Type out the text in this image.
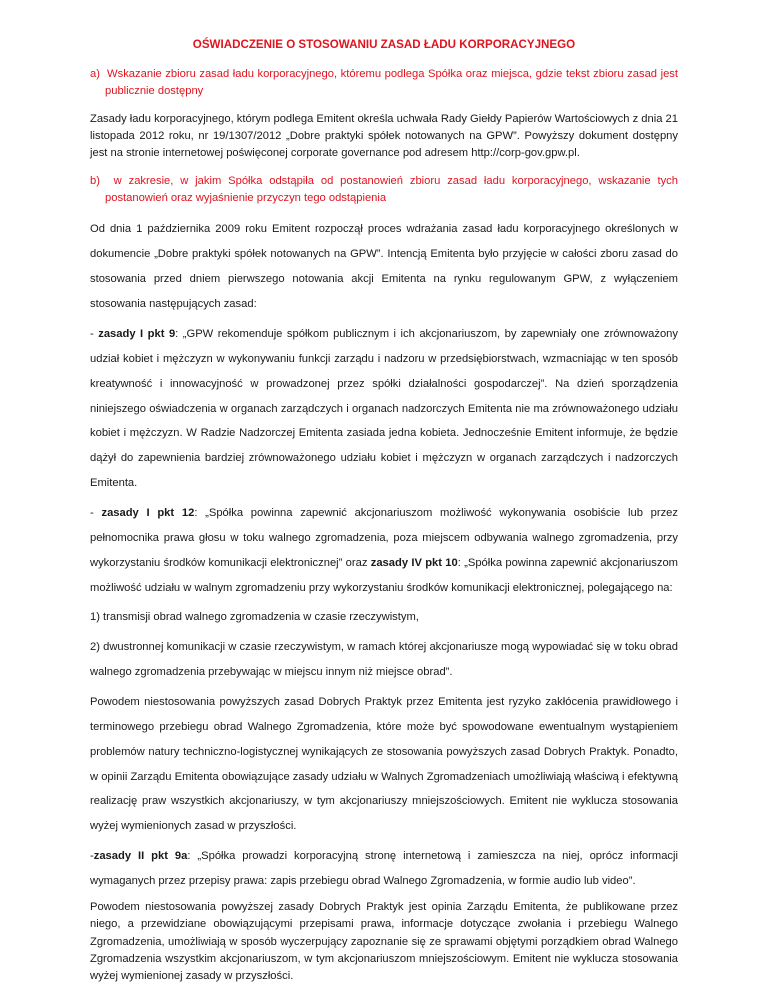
OŚWIADCZENIE O STOSOWANIU ZASAD ŁADU KORPORACYJNEGO

a)  Wskazanie zbioru zasad ładu korporacyjnego, któremu podlega Spółka oraz miejsca, gdzie tekst zbioru zasad jest publicznie dostępny

Zasady ładu korporacyjnego, którym podlega Emitent określa uchwała Rady Giełdy Papierów Wartościowych z dnia 21 listopada 2012 roku, nr 19/1307/2012 „Dobre praktyki spółek notowanych na GPW”. Powyższy dokument dostępny jest na stronie internetowej poświęconej corporate governance pod adresem http://corp-gov.gpw.pl.

b)  w zakresie, w jakim Spółka odstąpiła od postanowień zbioru zasad ładu korporacyjnego, wskazanie tych postanowień oraz wyjaśnienie przyczyn tego odstąpienia

Od dnia 1 października 2009 roku Emitent rozpoczął proces wdrażania zasad ładu korporacyjnego określonych w dokumencie „Dobre praktyki spółek notowanych na GPW”. Intencją Emitenta było przyjęcie w całości zboru zasad do stosowania przed dniem pierwszego notowania akcji Emitenta na rynku regulowanym GPW, z wyłączeniem stosowania następujących zasad:

- zasady I pkt 9: „GPW rekomenduje spółkom publicznym i ich akcjonariuszom, by zapewniały one zrównoważony udział kobiet i mężczyzn w wykonywaniu funkcji zarządu i nadzoru w przedsiębiorstwach, wzmacniając w ten sposób kreatywność i innowacyjność w prowadzonej przez spółki działalności gospodarczej”. Na dzień sporządzenia niniejszego oświadczenia w organach zarządczych i organach nadzorczych Emitenta nie ma zrównoważonego udziału kobiet i mężczyzn. W Radzie Nadzorczej Emitenta zasiada jedna kobieta. Jednocześnie Emitent informuje, że będzie dążył do zapewnienia bardziej zrównoważonego udziału kobiet i mężczyzn w organach zarządczych i nadzorczych Emitenta.

- zasady I pkt 12: „Spółka powinna zapewnić akcjonariuszom możliwość wykonywania osobiście lub przez pełnomocnika prawa głosu w toku walnego zgromadzenia, poza miejscem odbywania walnego zgromadzenia, przy wykorzystaniu środków komunikacji elektronicznej” oraz zasady IV pkt 10: „Spółka powinna zapewnić akcjonariuszom możliwość udziału w walnym zgromadzeniu przy wykorzystaniu środków komunikacji elektronicznej, polegającego na:

1) transmisji obrad walnego zgromadzenia w czasie rzeczywistym,

2) dwustronnej komunikacji w czasie rzeczywistym, w ramach której akcjonariusze mogą wypowiadać się w toku obrad walnego zgromadzenia przebywając w miejscu innym niż miejsce obrad”.

Powodem niestosowania powyższych zasad Dobrych Praktyk przez Emitenta jest ryzyko zakłócenia prawidłowego i terminowego przebiegu obrad Walnego Zgromadzenia, które może być spowodowane ewentualnym wystąpieniem problemów natury techniczno-logistycznej wynikających ze stosowania powyższych zasad Dobrych Praktyk. Ponadto, w opinii Zarządu Emitenta obowiązujące zasady udziału w Walnych Zgromadzeniach umożliwiają właściwą i efektywną realizację praw wszystkich akcjonariuszy, w tym akcjonariuszy mniejszościowych. Emitent nie wyklucza stosowania wyżej wymienionych zasad w przyszłości.

-zasady II pkt 9a: „Spółka prowadzi korporacyjną stronę internetową i zamieszcza na niej, oprócz informacji wymaganych przez przepisy prawa: zapis przebiegu obrad Walnego Zgromadzenia, w formie audio lub video”.

Powodem niestosowania powyższej zasady Dobrych Praktyk jest opinia Zarządu Emitenta, że publikowane przez niego, a przewidziane obowiązującymi przepisami prawa, informacje dotyczące zwołania i przebiegu Walnego Zgromadzenia, umożliwiają w sposób wyczerpujący zapoznanie się ze sprawami objętymi porządkiem obrad Walnego Zgromadzenia wszystkim akcjonariuszom, w tym akcjonariuszom mniejszościowym. Emitent nie wyklucza stosowania wyżej wymienionej zasady w przyszłości.
